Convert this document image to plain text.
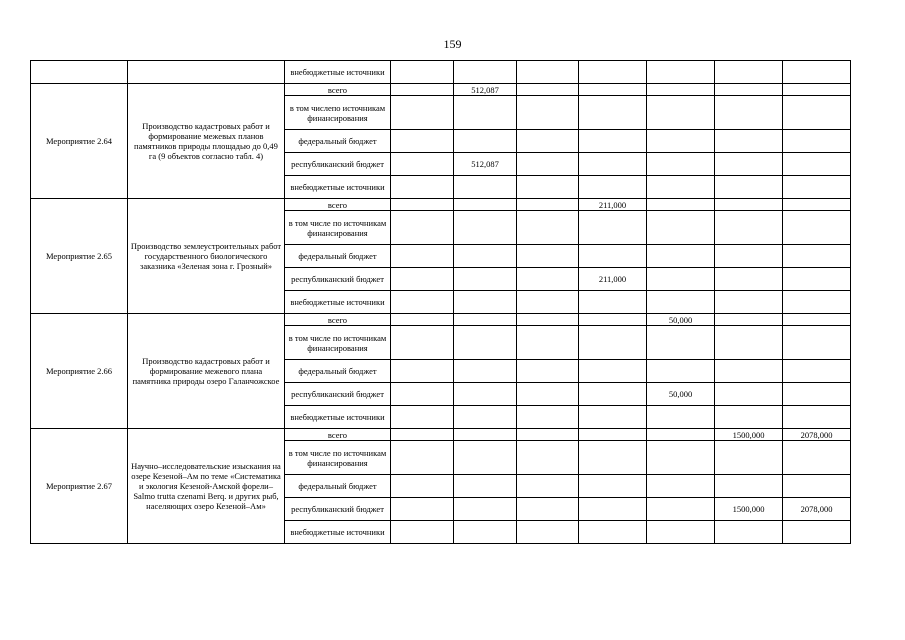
159
		внебюджетные источники							
Мероприятие 2.64	Производство кадастровых работ и формирование межевых планов памятников природы площадью до 0,49 га (9 объектов согласно табл. 4)	всего		512,087					
		в том числепо источникам финансирования							
		федеральный бюджет							
		республиканский бюджет		512,087					
		внебюджетные источники							
Мероприятие 2.65	Производство землеустроительных работ государственного биологического заказника «Зеленая зона г. Грозный»	всего				211,000			
		в том числе по источникам финансирования							
		федеральный бюджет							
		республиканский бюджет				211,000			
		внебюджетные источники							
Мероприятие 2.66	Производство кадастровых работ и формирование межевого плана памятника природы озеро Галанчожское	всего					50,000		
		в том числе по источникам финансирования							
		федеральный бюджет							
		республиканский бюджет					50,000		
		внебюджетные источники							
Мероприятие 2.67	Научно–исследовательские изыскания на озере Кезеной–Ам по теме «Систематика и экология Кезеной-Амской форели– Salmo trutta czenami Berq. и других рыб, населяющих озеро Кезеной–Ам»	всего						1500,000	2078,000
		в том числе по источникам финансирования							
		федеральный бюджет							
		республиканский бюджет						1500,000	2078,000
		внебюджетные источники							
